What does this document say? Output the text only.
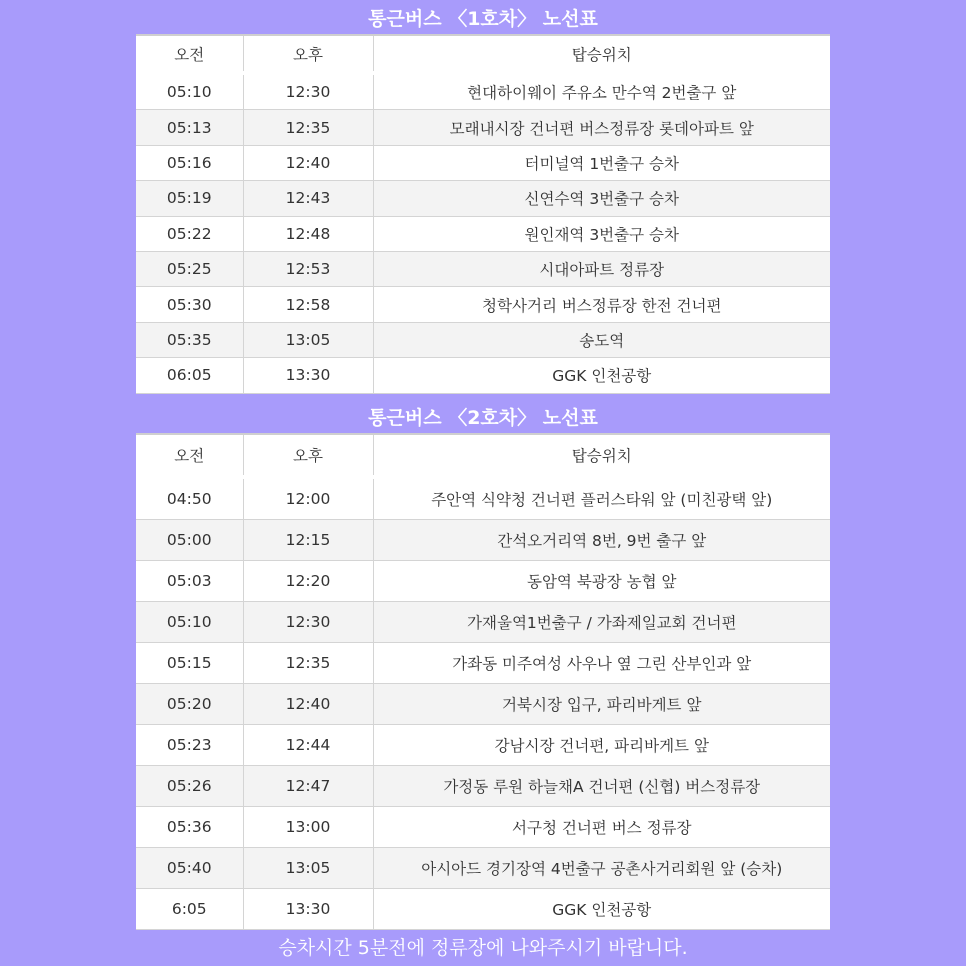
통근버스 〈1호차〉 노선표
오전	오후	탑승위치
05:10	12:30	현대하이웨이 주유소 만수역 2번출구 앞
05:13	12:35	모래내시장 건너편 버스정류장 롯데아파트 앞
05:16	12:40	터미널역 1번출구 승차
05:19	12:43	신연수역 3번출구 승차
05:22	12:48	원인재역 3번출구 승차
05:25	12:53	시대아파트 정류장
05:30	12:58	청학사거리 버스정류장 한전 건너편
05:35	13:05	송도역
06:05	13:30	GGK 인천공항
통근버스 〈2호차〉 노선표
오전	오후	탑승위치
04:50	12:00	주안역 식약청 건너편 플러스타워 앞 (미친광택 앞)
05:00	12:15	간석오거리역 8번, 9번 출구 앞
05:03	12:20	동암역 북광장 농협 앞
05:10	12:30	가재울역1번출구 / 가좌제일교회 건너편
05:15	12:35	가좌동 미주여성 사우나 옆 그린 산부인과 앞
05:20	12:40	거북시장 입구, 파리바게트 앞
05:23	12:44	강남시장 건너편, 파리바게트 앞
05:26	12:47	가정동 루원 하늘채A 건너편 (신협) 버스정류장
05:36	13:00	서구청 건너편 버스 정류장
05:40	13:05	아시아드 경기장역 4번출구 공촌사거리회원 앞 (승차)
6:05	13:30	GGK 인천공항
승차시간 5분전에 정류장에 나와주시기 바랍니다.
